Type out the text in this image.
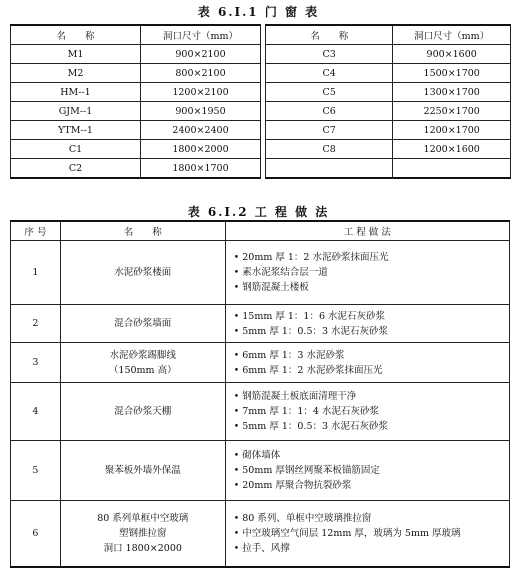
表 6.Ⅰ.1 门 窗 表
名　　称	洞口尺寸（mm）
M1	900×2100
M2	800×2100
HM--1	1200×2100
GJM--1	900×1950
YTM--1	2400×2400
C1	1800×2000
C2	1800×1700
名　　称	洞口尺寸（mm）
C3	900×1600
C4	1500×1700
C5	1300×1700
C6	2250×1700
C7	1200×1700
C8	1200×1600

表 6.Ⅰ.2 工 程 做 法
序 号	名　　称	工 程 做 法
1	水泥砂浆楼面	• 20mm 厚 1：2 水泥砂浆抹面压光
• 素水泥浆结合层一道
• 钢筋混凝土楼板

2	混合砂浆墙面	• 15mm 厚 1：1：6 水泥石灰砂浆
• 5mm 厚 1：0.5：3 水泥石灰砂浆

3	水泥砂浆踢脚线
（150mm 高）	• 6mm 厚 1：3 水泥砂浆
• 6mm 厚 1：2 水泥砂浆抹面压光

4	混合砂浆天棚	• 钢筋混凝土板底面清理干净
• 7mm 厚 1：1：4 水泥石灰砂浆
• 5mm 厚 1：0.5：3 水泥石灰砂浆

5	聚苯板外墙外保温	• 砌体墙体
• 50mm 厚钢丝网聚苯板锚筋固定
• 20mm 厚聚合物抗裂砂浆

6	80 系列单框中空玻璃
塑钢推拉窗
洞口 1800×2000	• 80 系列、单框中空玻璃推拉窗
• 中空玻璃空气间层 12mm 厚，玻璃为 5mm 厚玻璃
• 拉手、风撑
